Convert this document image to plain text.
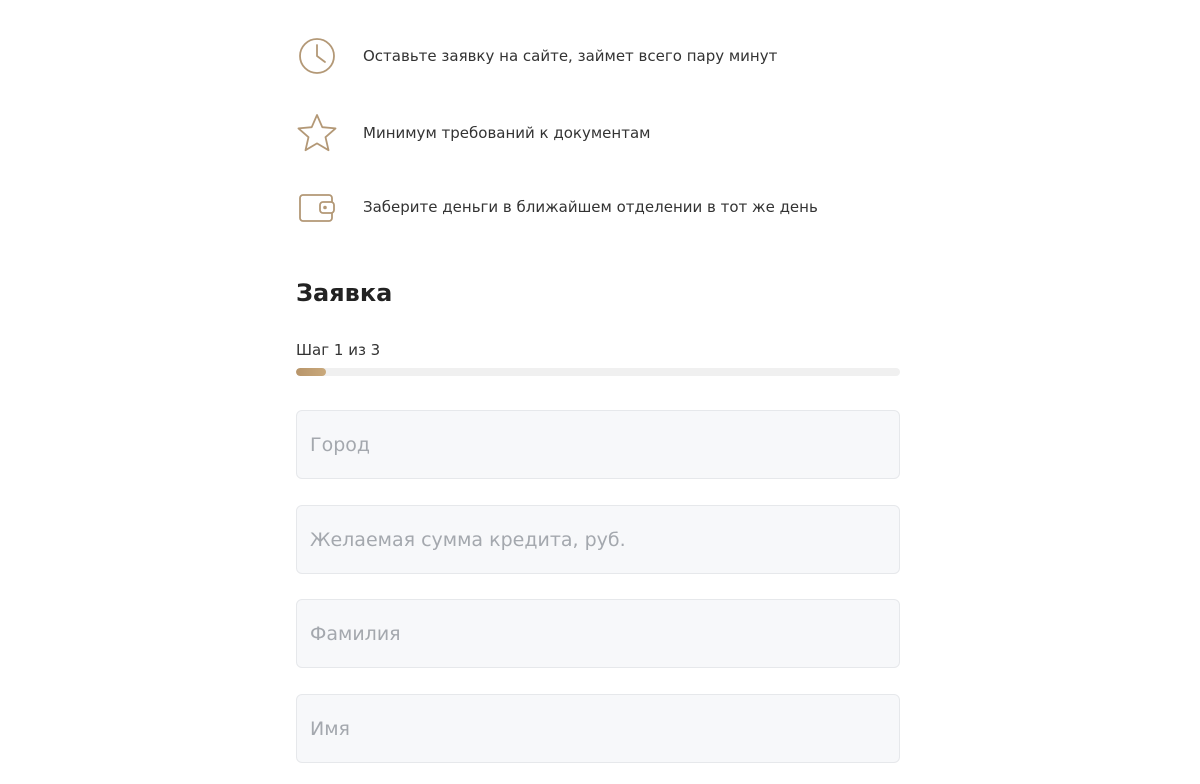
Оставьте заявку на сайте, займет всего пару минут
Минимум требований к документам
Заберите деньги в ближайшем отделении в тот же день
Заявка
Шаг 1 из 3
Город
Желаемая сумма кредита, руб.
Фамилия
Имя
